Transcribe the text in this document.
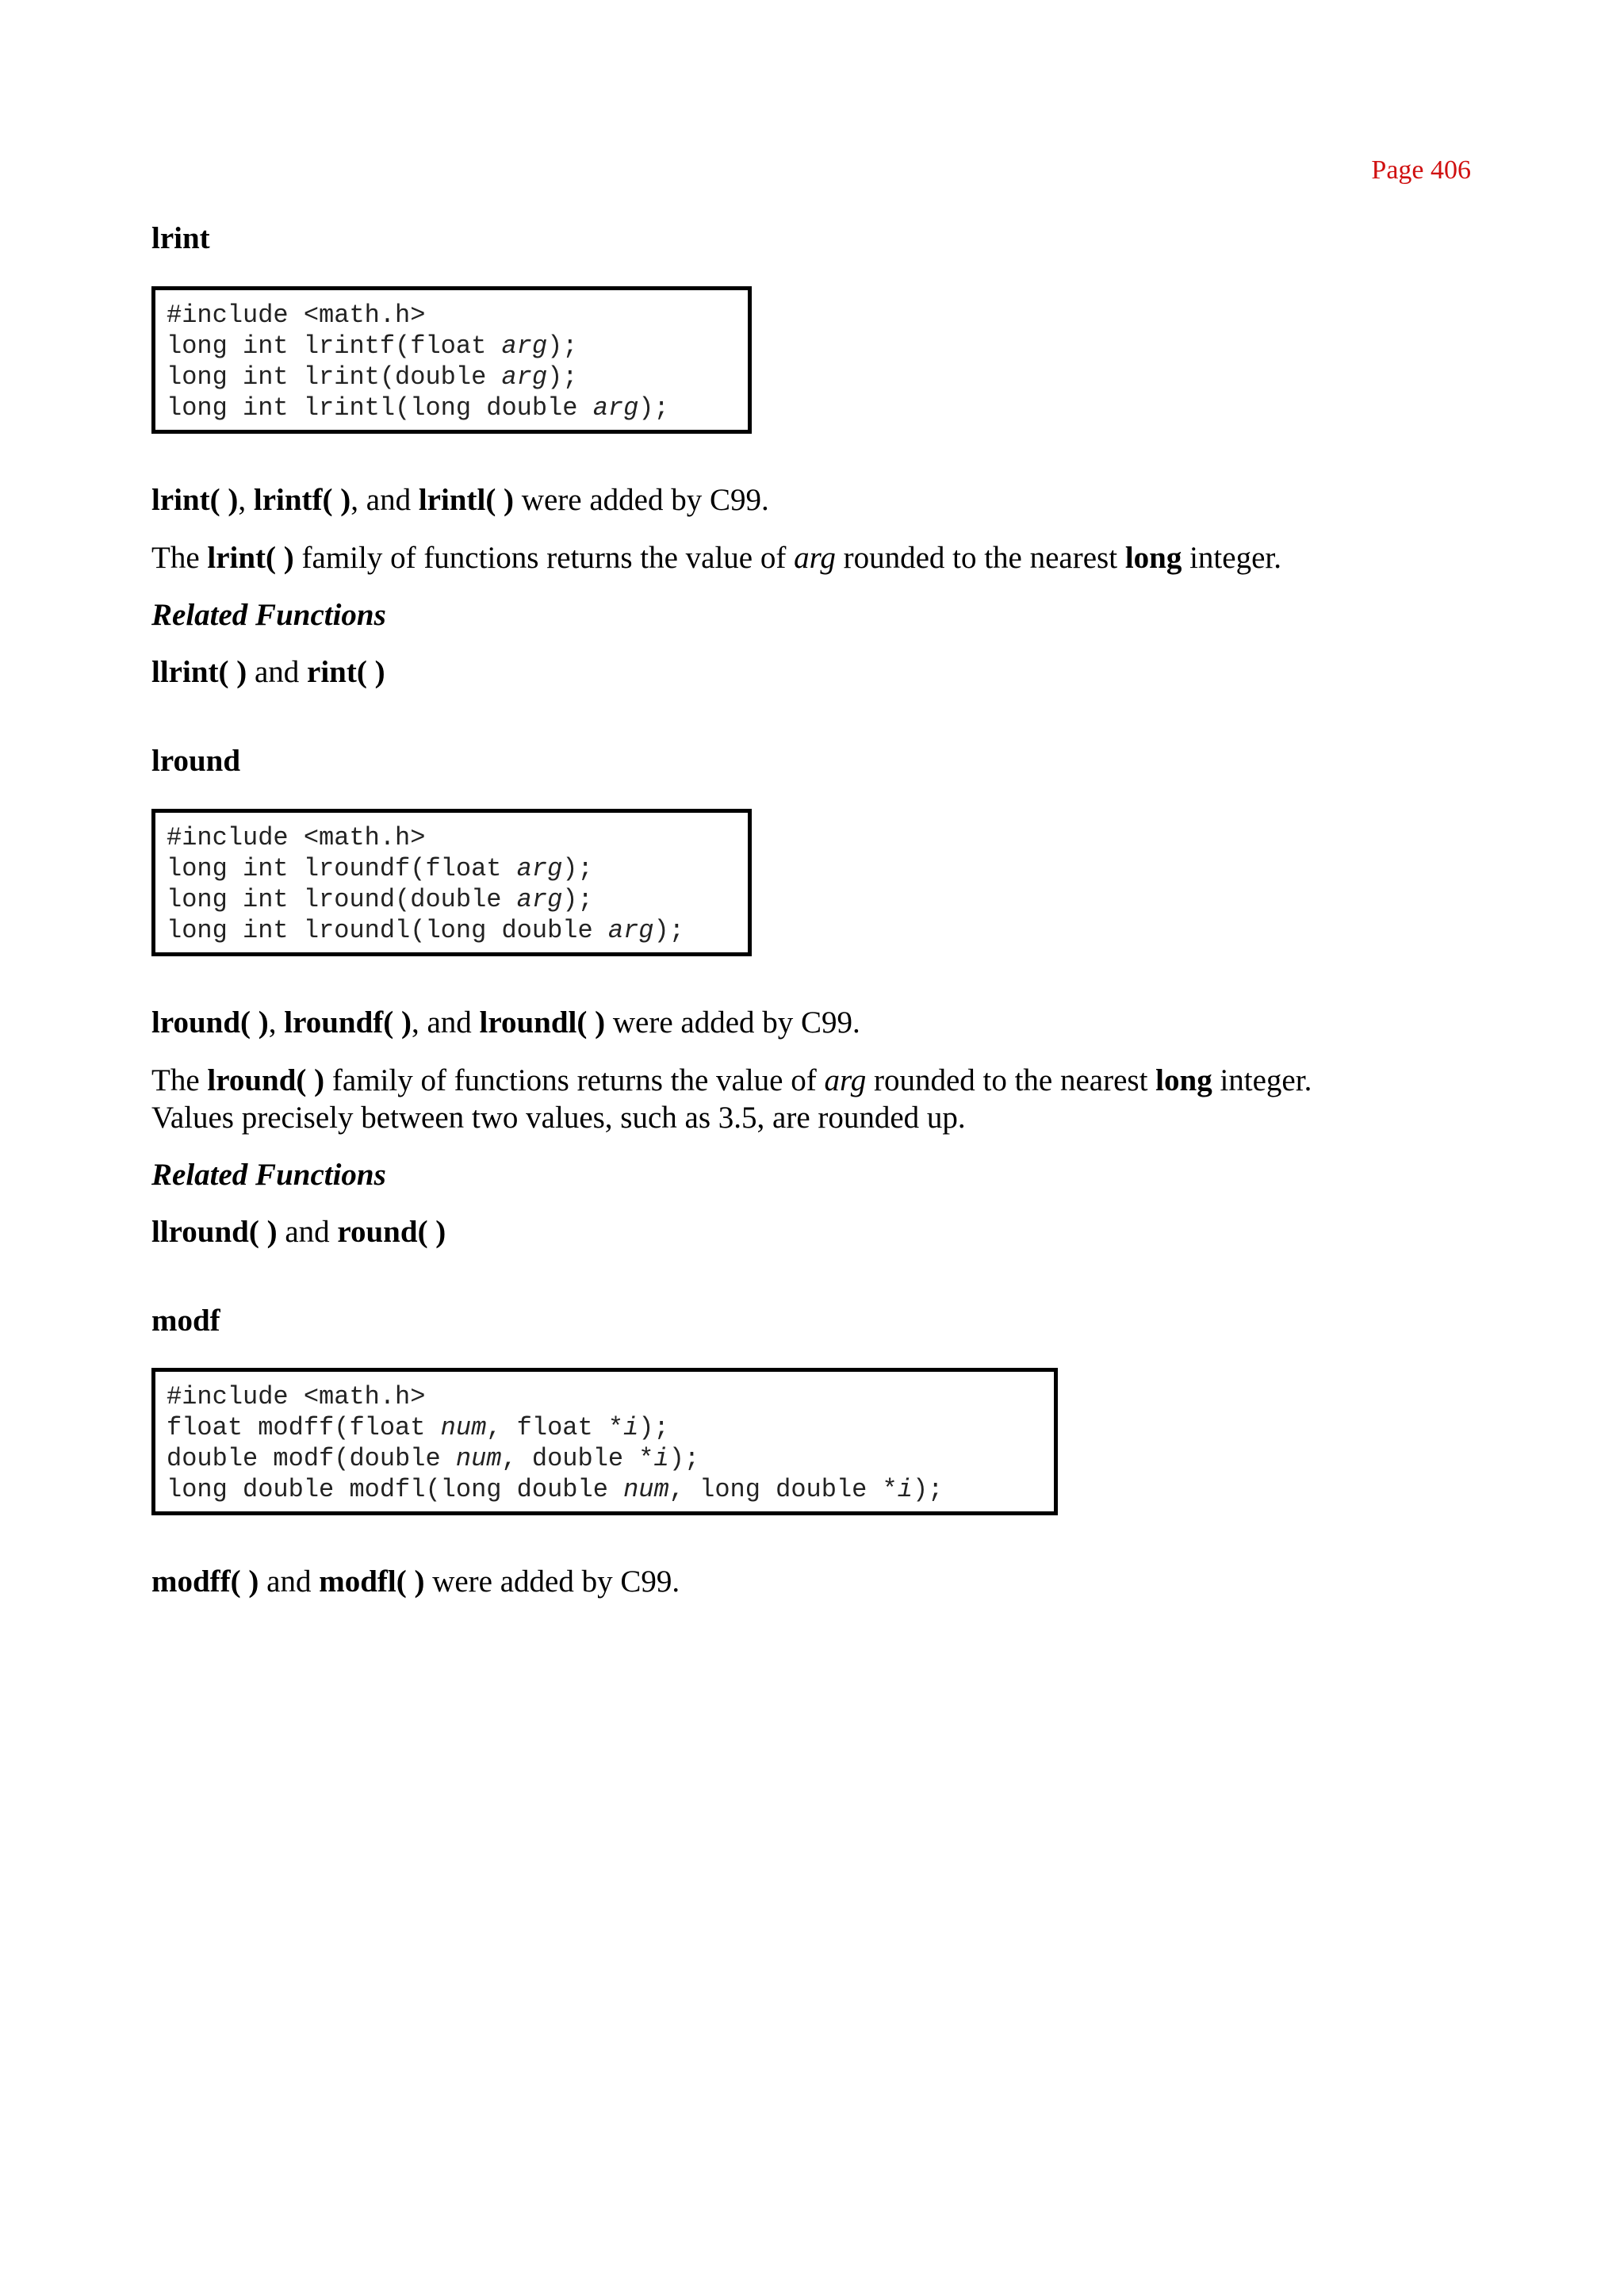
Page 406
lrint
#include <math.h>
long int lrintf(float arg);
long int lrint(double arg);
long int lrintl(long double arg);

lrint( ), lrintf( ), and lrintl( ) were added by C99.

The lrint( ) family of functions returns the value of arg rounded to the nearest long integer.

Related Functions

llrint( ) and rint( )

lround
#include <math.h>
long int lroundf(float arg);
long int lround(double arg);
long int lroundl(long double arg);

lround( ), lroundf( ), and lroundl( ) were added by C99.

The lround( ) family of functions returns the value of arg rounded to the nearest long integer.
Values precisely between two values, such as 3.5, are rounded up.

Related Functions

llround( ) and round( )

modf
#include <math.h>
float modff(float num, float *i);
double modf(double num, double *i);
long double modfl(long double num, long double *i);

modff( ) and modfl( ) were added by C99.
